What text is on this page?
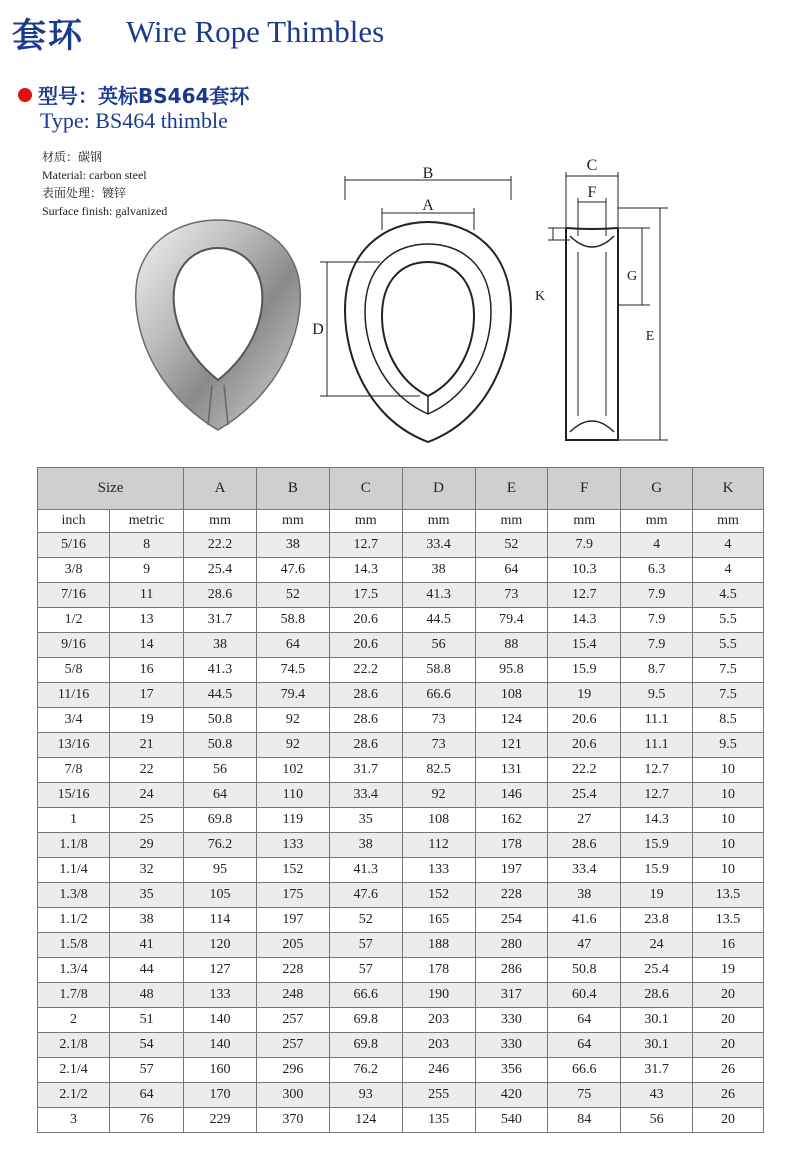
套环 Wire Rope Thimbles
型号：英标BS464套环
Type: BS464 thimble
材质：碳钢
Material: carbon steel
表面处理：镀锌
Surface finish: galvanized
B
A
D
C
F
K
G
E
Size		A	B	C	D	E	F	G	K
inch	metric	mm	mm	mm	mm	mm	mm	mm	mm
5/16	8	22.2	38	12.7	33.4	52	7.9	4	4
3/8	9	25.4	47.6	14.3	38	64	10.3	6.3	4
7/16	11	28.6	52	17.5	41.3	73	12.7	7.9	4.5
1/2	13	31.7	58.8	20.6	44.5	79.4	14.3	7.9	5.5
9/16	14	38	64	20.6	56	88	15.4	7.9	5.5
5/8	16	41.3	74.5	22.2	58.8	95.8	15.9	8.7	7.5
11/16	17	44.5	79.4	28.6	66.6	108	19	9.5	7.5
3/4	19	50.8	92	28.6	73	124	20.6	11.1	8.5
13/16	21	50.8	92	28.6	73	121	20.6	11.1	9.5
7/8	22	56	102	31.7	82.5	131	22.2	12.7	10
15/16	24	64	110	33.4	92	146	25.4	12.7	10
1	25	69.8	119	35	108	162	27	14.3	10
1.1/8	29	76.2	133	38	112	178	28.6	15.9	10
1.1/4	32	95	152	41.3	133	197	33.4	15.9	10
1.3/8	35	105	175	47.6	152	228	38	19	13.5
1.1/2	38	114	197	52	165	254	41.6	23.8	13.5
1.5/8	41	120	205	57	188	280	47	24	16
1.3/4	44	127	228	57	178	286	50.8	25.4	19
1.7/8	48	133	248	66.6	190	317	60.4	28.6	20
2	51	140	257	69.8	203	330	64	30.1	20
2.1/8	54	140	257	69.8	203	330	64	30.1	20
2.1/4	57	160	296	76.2	246	356	66.6	31.7	26
2.1/2	64	170	300	93	255	420	75	43	26
3	76	229	370	124	135	540	84	56	20
